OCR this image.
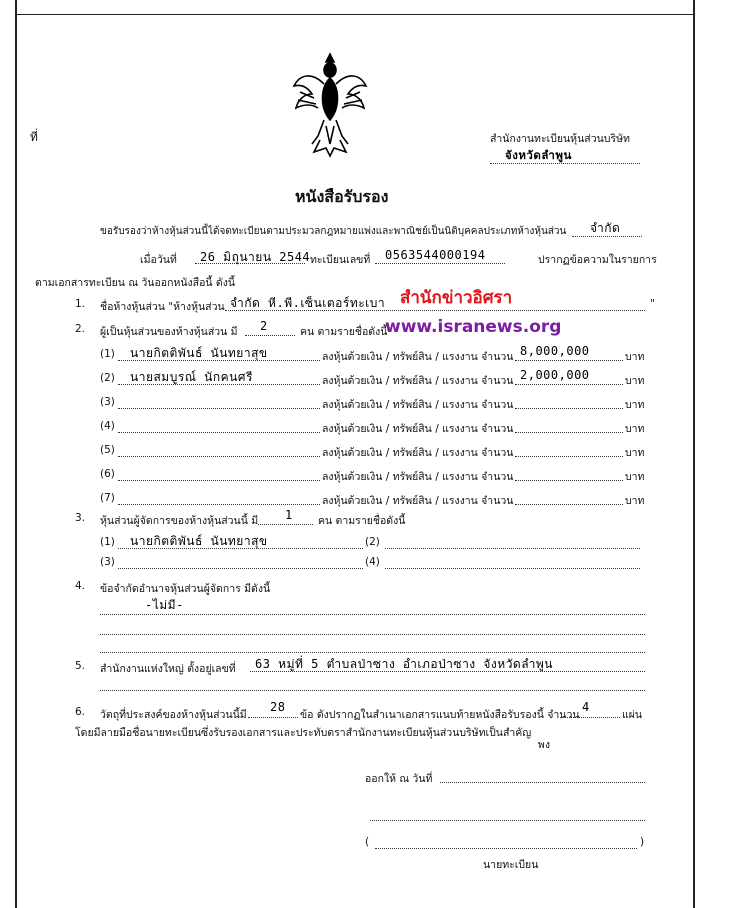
ที่	สำนักงานทะเบียนหุ้นส่วนบริษัท
จังหวัดลำพูน
หนังสือรับรอง
ขอรับรองว่าห้างหุ้นส่วนนี้ได้จดทะเบียนตามประมวลกฎหมายแพ่งและพาณิชย์เป็นนิติบุคคลประเภทห้างหุ้นส่วน จำกัด
เมื่อวันที่ 26 มิถุนายน 2544 ทะเบียนเลขที่ 0563544000194	ปรากฏข้อความในรายการ
ตามเอกสารทะเบียน ณ วันออกหนังสือนี้ ดังนี้
สำนักข่าวอิศรา
www.isranews.org
1. ชื่อห้างหุ้นส่วน "ห้างหุ้นส่วน จำกัด หี.พี.เซ็นเตอร์ทะเบา	"
2. ผู้เป็นหุ้นส่วนของห้างหุ้นส่วน มี 2	คน ตามรายชื่อดังนี้
(1) นายกิตติพันธ์ นันทยาสุข	ลงหุ้นด้วยเงิน / ทรัพย์สิน / แรงงาน จำนวน 8,000,000	บาท
(2) นายสมบูรณ์ นักคนศรี	ลงหุ้นด้วยเงิน / ทรัพย์สิน / แรงงาน จำนวน 2,000,000	บาท
(3)	ลงหุ้นด้วยเงิน / ทรัพย์สิน / แรงงาน จำนวน	บาท
(4)	ลงหุ้นด้วยเงิน / ทรัพย์สิน / แรงงาน จำนวน	บาท
(5)	ลงหุ้นด้วยเงิน / ทรัพย์สิน / แรงงาน จำนวน	บาท
(6)	ลงหุ้นด้วยเงิน / ทรัพย์สิน / แรงงาน จำนวน	บาท
(7)	ลงหุ้นด้วยเงิน / ทรัพย์สิน / แรงงาน จำนวน	บาท
3. หุ้นส่วนผู้จัดการของห้างหุ้นส่วนนี้ มี 1 คน ตามรายชื่อดังนี้
(1) นายกิตติพันธ์ นันทยาสุข	(2)
(3)	(4)
4. ข้อจำกัดอำนาจหุ้นส่วนผู้จัดการ มีดังนี้
-ไม่มี-
5. สำนักงานแห่งใหญ่ ตั้งอยู่เลขที่ 63 หมู่ที่ 5 ตำบลป่าซาง อำเภอป่าซาง จังหวัดลำพูน
6. วัตถุที่ประสงค์ของห้างหุ้นส่วนนี้มี
28
ข้อ ดังปรากฏในสำเนาเอกสารแนบท้ายหนังสือรับรองนี้ จำนวน
4
แผ่น
โดยมีลายมือชื่อนายทะเบียนซึ่งรับรองเอกสารและประทับตราสำนักงานทะเบียนหุ้นส่วนบริษัทเป็นสำคัญ
พง
ออกให้ ณ วันที่
(	)
นายทะเบียน
